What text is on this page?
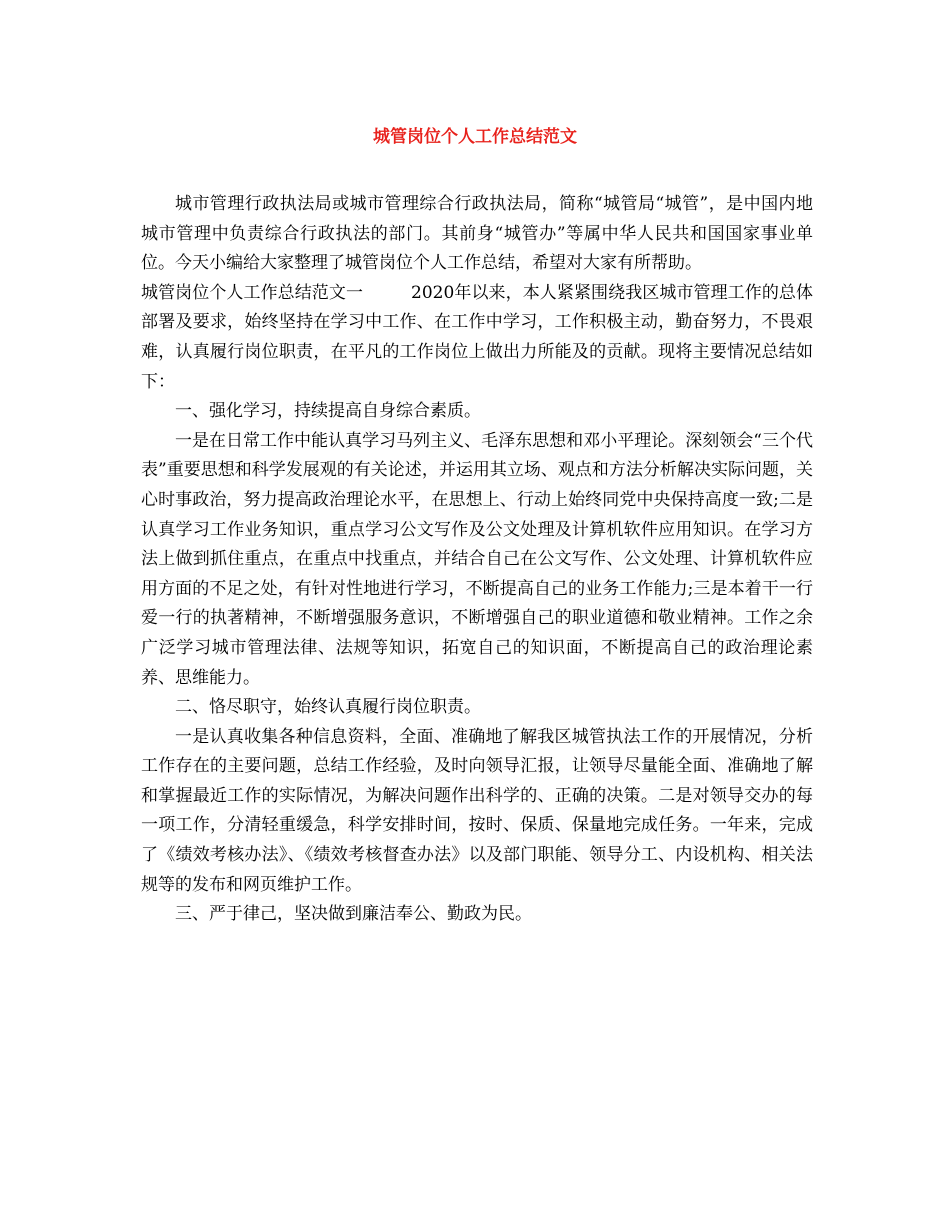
城管岗位个人工作总结范文

城市管理行政执法局或城市管理综合行政执法局，简称“城管局“城管”，是中国内地城市管理中负责综合行政执法的部门。其前身“城管办”等属中华人民共和国国家事业单位。今天小编给大家整理了城管岗位个人工作总结，希望对大家有所帮助。

城管岗位个人工作总结范文一	2020年以来，本人紧紧围绕我区城市管理工作的总体部署及要求，始终坚持在学习中工作、在工作中学习，工作积极主动，勤奋努力，不畏艰难，认真履行岗位职责，在平凡的工作岗位上做出力所能及的贡献。现将主要情况总结如下：

一、强化学习，持续提高自身综合素质。

一是在日常工作中能认真学习马列主义、毛泽东思想和邓小平理论。深刻领会“三个代表”重要思想和科学发展观的有关论述，并运用其立场、观点和方法分析解决实际问题，关心时事政治，努力提高政治理论水平，在思想上、行动上始终同党中央保持高度一致;二是认真学习工作业务知识，重点学习公文写作及公文处理及计算机软件应用知识。在学习方法上做到抓住重点，在重点中找重点，并结合自己在公文写作、公文处理、计算机软件应用方面的不足之处，有针对性地进行学习，不断提高自己的业务工作能力;三是本着干一行爱一行的执著精神，不断增强服务意识，不断增强自己的职业道德和敬业精神。工作之余广泛学习城市管理法律、法规等知识，拓宽自己的知识面，不断提高自己的政治理论素养、思维能力。

二、恪尽职守，始终认真履行岗位职责。

一是认真收集各种信息资料，全面、准确地了解我区城管执法工作的开展情况，分析工作存在的主要问题，总结工作经验，及时向领导汇报，让领导尽量能全面、准确地了解和掌握最近工作的实际情况，为解决问题作出科学的、正确的决策。二是对领导交办的每一项工作，分清轻重缓急，科学安排时间，按时、保质、保量地完成任务。一年来，完成了《绩效考核办法》、《绩效考核督查办法》以及部门职能、领导分工、内设机构、相关法规等的发布和网页维护工作。

三、严于律己，坚决做到廉洁奉公、勤政为民。
